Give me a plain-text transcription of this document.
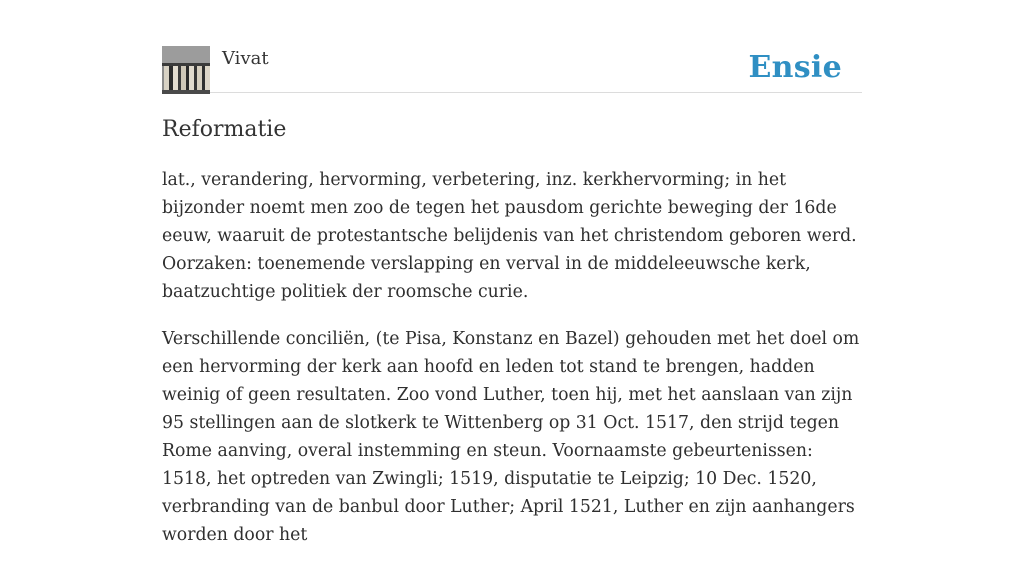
Vivat	Ensie
Reformatie

lat., verandering, hervorming, verbetering, inz. kerkhervorming; in het bijzonder noemt men zoo de tegen het pausdom gerichte beweging der 16de eeuw, waaruit de protestantsche belijdenis van het christendom geboren werd. Oorzaken: toenemende verslapping en verval in de middeleeuwsche kerk, baatzuchtige politiek der roomsche curie.

Verschillende conciliën, (te Pisa, Konstanz en Bazel) gehouden met het doel om een hervorming der kerk aan hoofd en leden tot stand te brengen, hadden weinig of geen resultaten. Zoo vond Luther, toen hij, met het aanslaan van zijn 95 stellingen aan de slotkerk te Wittenberg op 31 Oct. 1517, den strijd tegen Rome aanving, overal instemming en steun. Voornaamste gebeurtenissen: 1518, het optreden van Zwingli; 1519, disputatie te Leipzig; 10 Dec. 1520, verbranding van de banbul door Luther; April 1521, Luther en zijn aanhangers worden door het
